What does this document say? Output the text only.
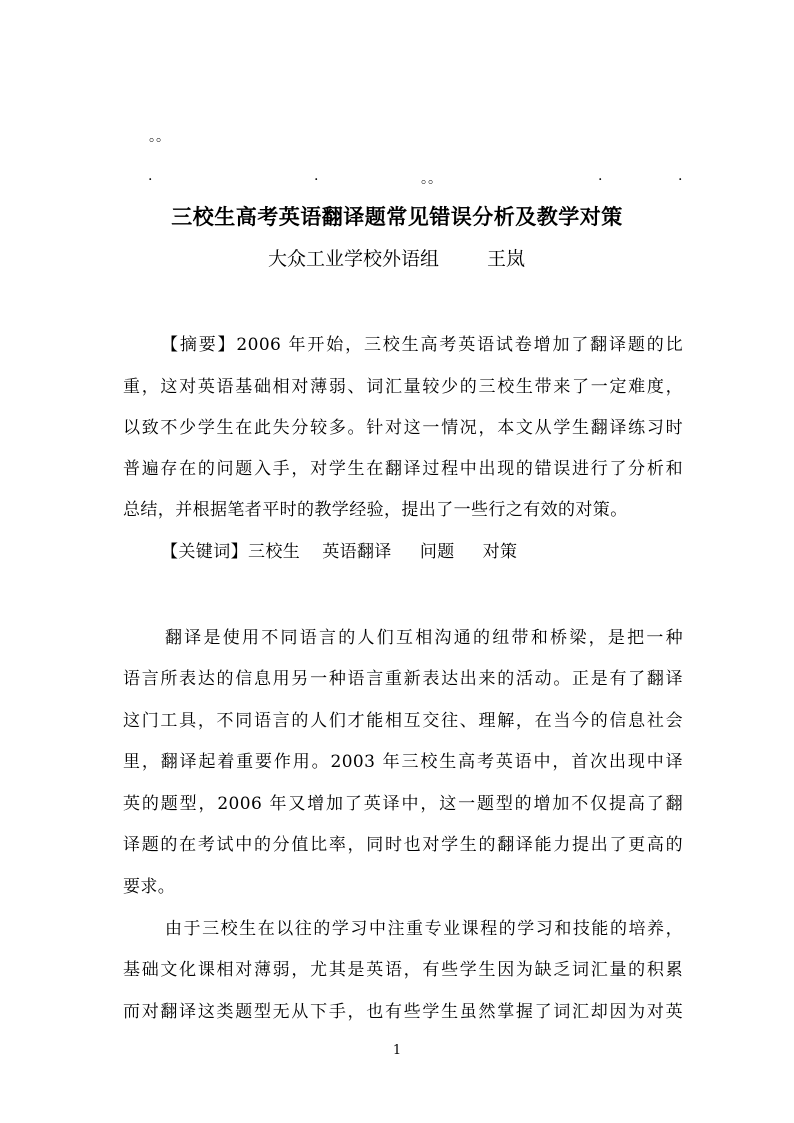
。。
.	.	。。	.	.
三校生高考英语翻译题常见错误分析及教学对策
大众工业学校外语组	王岚
【摘要】2006 年开始，三校生高考英语试卷增加了翻译题的比
重，这对英语基础相对薄弱、词汇量较少的三校生带来了一定难度，
以致不少学生在此失分较多。针对这一情况，本文从学生翻译练习时
普遍存在的问题入手，对学生在翻译过程中出现的错误进行了分析和
总结，并根据笔者平时的教学经验，提出了一些行之有效的对策。
【关键词】三校生 英语翻译 问题 对策
翻译是使用不同语言的人们互相沟通的纽带和桥梁，是把一种
语言所表达的信息用另一种语言重新表达出来的活动。正是有了翻译
这门工具，不同语言的人们才能相互交往、理解，在当今的信息社会
里，翻译起着重要作用。2003 年三校生高考英语中，首次出现中译
英的题型，2006 年又增加了英译中，这一题型的增加不仅提高了翻
译题的在考试中的分值比率，同时也对学生的翻译能力提出了更高的
要求。
由于三校生在以往的学习中注重专业课程的学习和技能的培养，
基础文化课相对薄弱，尤其是英语，有些学生因为缺乏词汇量的积累
而对翻译这类题型无从下手，也有些学生虽然掌握了词汇却因为对英
1
